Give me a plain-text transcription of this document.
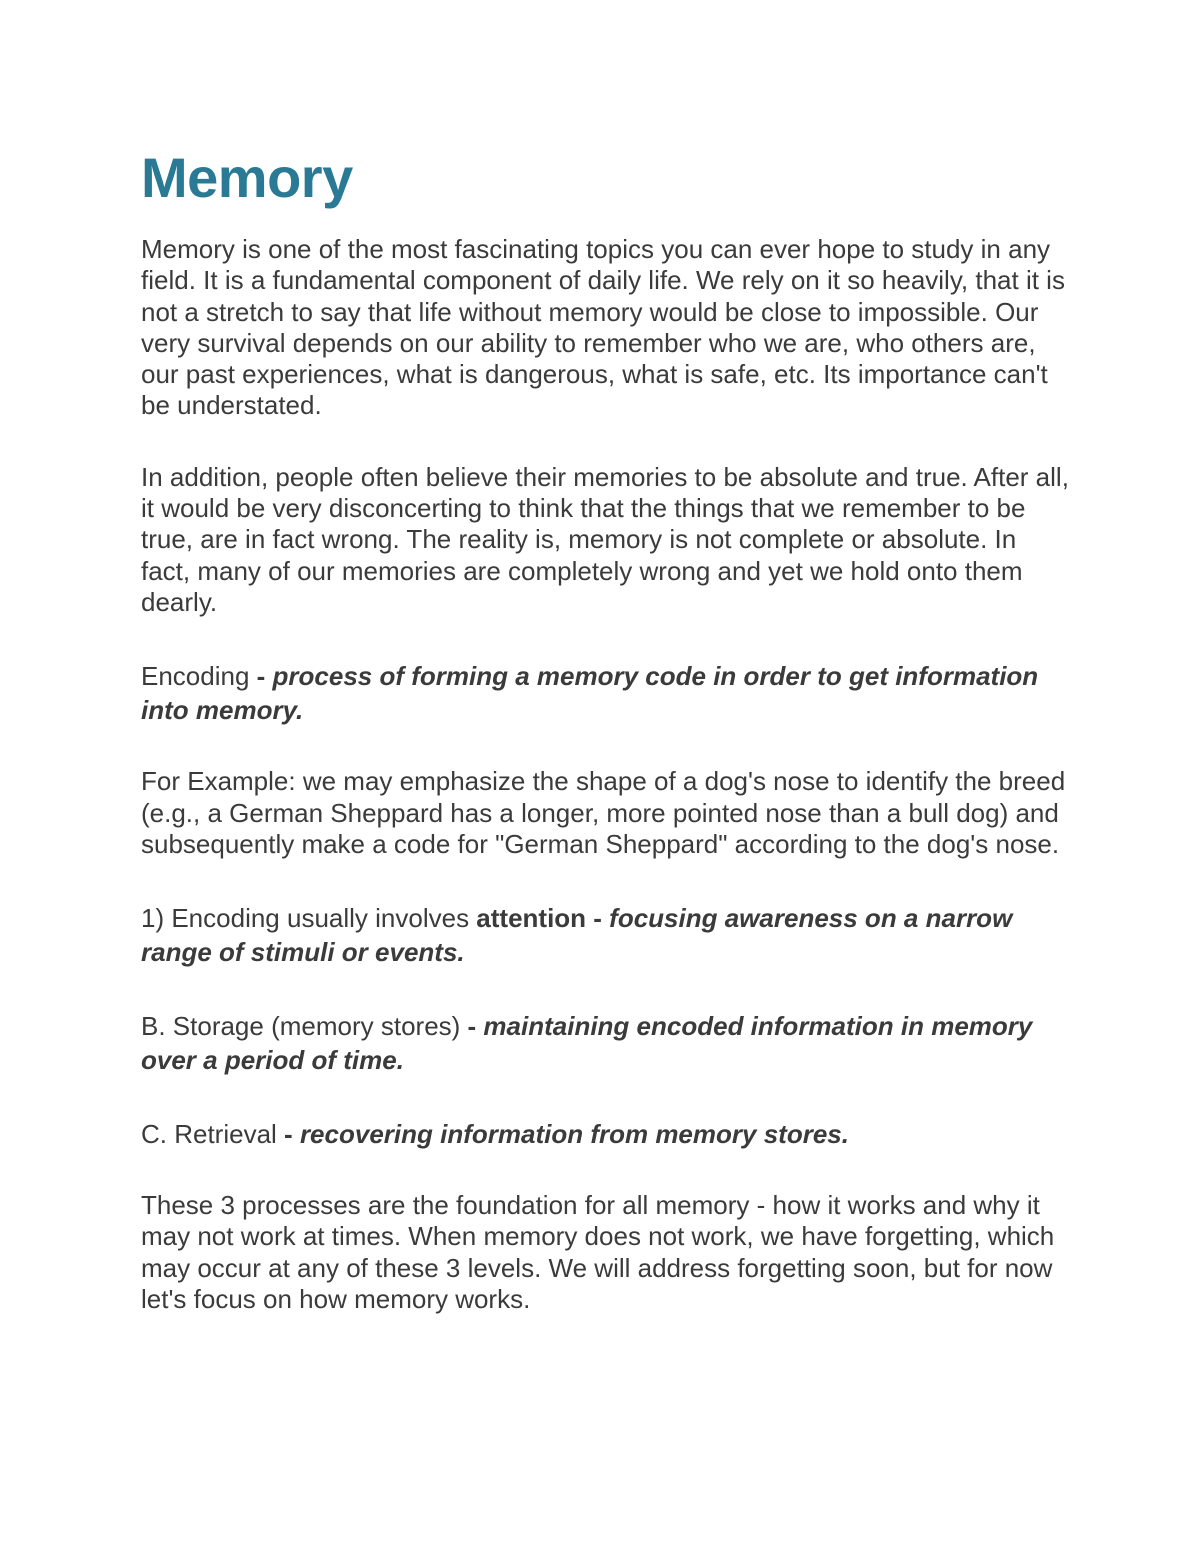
Memory

Memory is one of the most fascinating topics you can ever hope to study in any field. It is a fundamental component of daily life. We rely on it so heavily, that it is not a stretch to say that life without memory would be close to impossible. Our very survival depends on our ability to remember who we are, who others are, our past experiences, what is dangerous, what is safe, etc. Its importance can't be understated.

In addition, people often believe their memories to be absolute and true. After all, it would be very disconcerting to think that the things that we remember to be true, are in fact wrong. The reality is, memory is not complete or absolute. In fact, many of our memories are completely wrong and yet we hold onto them dearly.

Encoding - process of forming a memory code in order to get information into memory.

For Example: we may emphasize the shape of a dog's nose to identify the breed (e.g., a German Sheppard has a longer, more pointed nose than a bull dog) and subsequently make a code for "German Sheppard" according to the dog's nose.

1) Encoding usually involves attention - focusing awareness on a narrow range of stimuli or events.

B. Storage (memory stores) - maintaining encoded information in memory over a period of time.

C. Retrieval - recovering information from memory stores.

These 3 processes are the foundation for all memory - how it works and why it may not work at times. When memory does not work, we have forgetting, which may occur at any of these 3 levels. We will address forgetting soon, but for now let's focus on how memory works.
